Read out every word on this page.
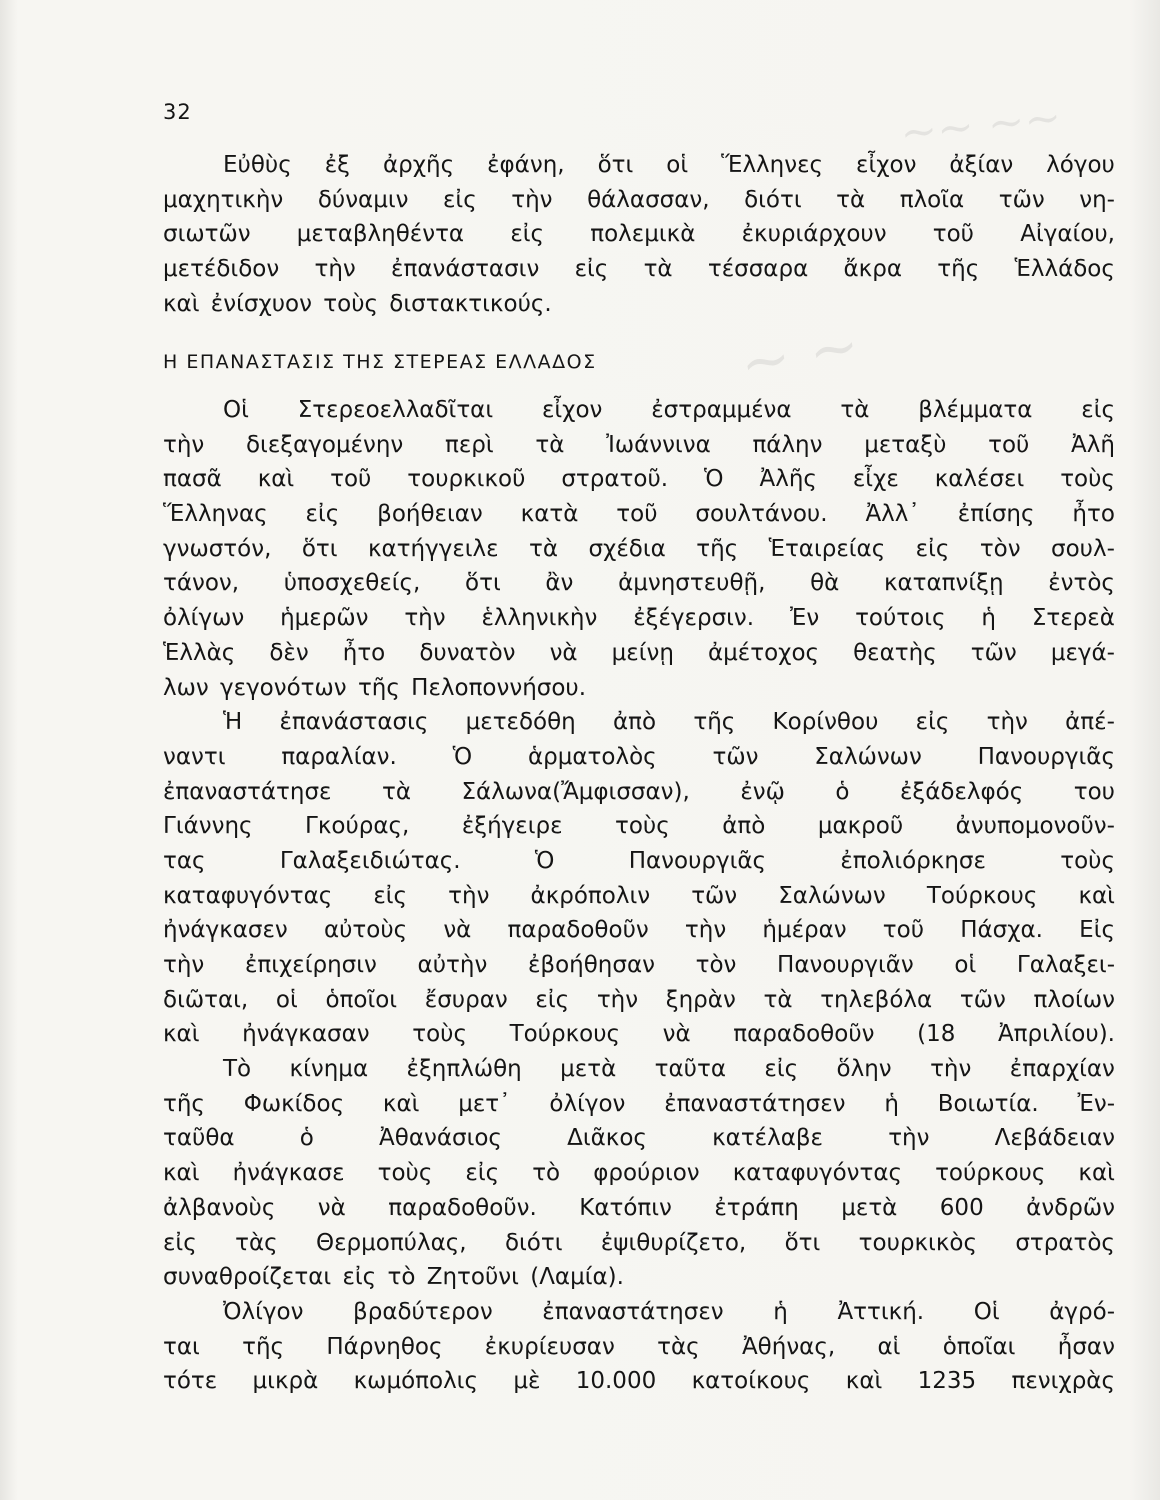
~~ ~~
~ ~
32
Εὐθὺς ἐξ ἀρχῆς ἐφάνη, ὅτι οἱ Ἕλληνες εἶχον ἀξίαν λόγου
μαχητικὴν δύναμιν εἰς τὴν θάλασσαν, διότι τὰ πλοῖα τῶν νη-
σιωτῶν μεταβληθέντα εἰς πολεμικὰ ἐκυριάρχουν τοῦ Αἰγαίου,
μετέδιδον τὴν ἐπανάστασιν εἰς τὰ τέσσαρα ἄκρα τῆς Ἑλλάδος
καὶ ἐνίσχυον τοὺς διστακτικούς.
Η ΕΠΑΝΑΣΤΑΣΙΣ ΤΗΣ ΣΤΕΡΕΑΣ ΕΛΛΑΔΟΣ
Οἱ Στερεοελλαδῖται εἶχον ἐστραμμένα τὰ βλέμματα εἰς
τὴν διεξαγομένην περὶ τὰ Ἰωάννινα πάλην μεταξὺ τοῦ Ἀλῆ
πασᾶ καὶ τοῦ τουρκικοῦ στρατοῦ. Ὁ Ἀλῆς εἶχε καλέσει τοὺς
Ἕλληνας εἰς βοήθειαν κατὰ τοῦ σουλτάνου. Ἀλλ᾽ ἐπίσης ἦτο
γνωστόν, ὅτι κατήγγειλε τὰ σχέδια τῆς Ἑταιρείας εἰς τὸν σουλ-
τάνον, ὑποσχεθείς, ὅτι ἂν ἀμνηστευθῇ, θὰ καταπνίξῃ ἐντὸς
ὀλίγων ἡμερῶν τὴν ἑλληνικὴν ἐξέγερσιν. Ἐν τούτοις ἡ Στερεὰ
Ἑλλὰς δὲν ἦτο δυνατὸν νὰ μείνῃ ἀμέτοχος θεατὴς τῶν μεγά-
λων γεγονότων τῆς Πελοποννήσου.
Ἡ ἐπανάστασις μετεδόθη ἀπὸ τῆς Κορίνθου εἰς τὴν ἀπέ-
ναντι παραλίαν. Ὁ ἁρματολὸς τῶν Σαλώνων Πανουργιᾶς
ἐπαναστάτησε τὰ Σάλωνα(Ἄμφισσαν), ἐνῷ ὁ ἐξάδελφός του
Γιάννης Γκούρας, ἐξήγειρε τοὺς ἀπὸ μακροῦ ἀνυπομονοῦν-
τας	Γαλαξειδιώτας.	Ὁ	Πανουργιᾶς	ἐπολιόρκησε	τοὺς
καταφυγόντας εἰς τὴν ἀκρόπολιν τῶν Σαλώνων Τούρκους καὶ
ἠνάγκασεν αὐτοὺς νὰ παραδοθοῦν τὴν ἡμέραν τοῦ Πάσχα. Εἰς
τὴν ἐπιχείρησιν αὐτὴν ἐβοήθησαν τὸν Πανουργιᾶν οἱ Γαλαξει-
διῶται, οἱ ὁποῖοι ἔσυραν εἰς τὴν ξηρὰν τὰ τηλεβόλα τῶν πλοίων
καὶ ἠνάγκασαν τοὺς Τούρκους νὰ παραδοθοῦν (18 Ἀπριλίου).
Τὸ κίνημα ἐξηπλώθη μετὰ ταῦτα εἰς ὅλην τὴν ἐπαρχίαν
τῆς Φωκίδος καὶ μετ᾽ ὀλίγον ἐπαναστάτησεν ἡ Βοιωτία. Ἐν-
ταῦθα	ὁ	Ἀθανάσιος	Διᾶκος	κατέλαβε	τὴν	Λεβάδειαν
καὶ ἠνάγκασε τοὺς εἰς τὸ φρούριον καταφυγόντας τούρκους καὶ
ἀλβανοὺς νὰ παραδοθοῦν. Κατόπιν ἐτράπη μετὰ 600 ἀνδρῶν
εἰς τὰς Θερμοπύλας, διότι ἐψιθυρίζετο, ὅτι τουρκικὸς στρατὸς
συναθροίζεται εἰς τὸ Ζητοῦνι (Λαμία).
Ὀλίγον βραδύτερον ἐπαναστάτησεν ἡ Ἀττική. Οἱ ἀγρό-
ται τῆς Πάρνηθος ἐκυρίευσαν τὰς Ἀθήνας, αἱ ὁποῖαι ἦσαν
τότε μικρὰ κωμόπολις μὲ 10.000 κατοίκους καὶ 1235 πενιχρὰς
